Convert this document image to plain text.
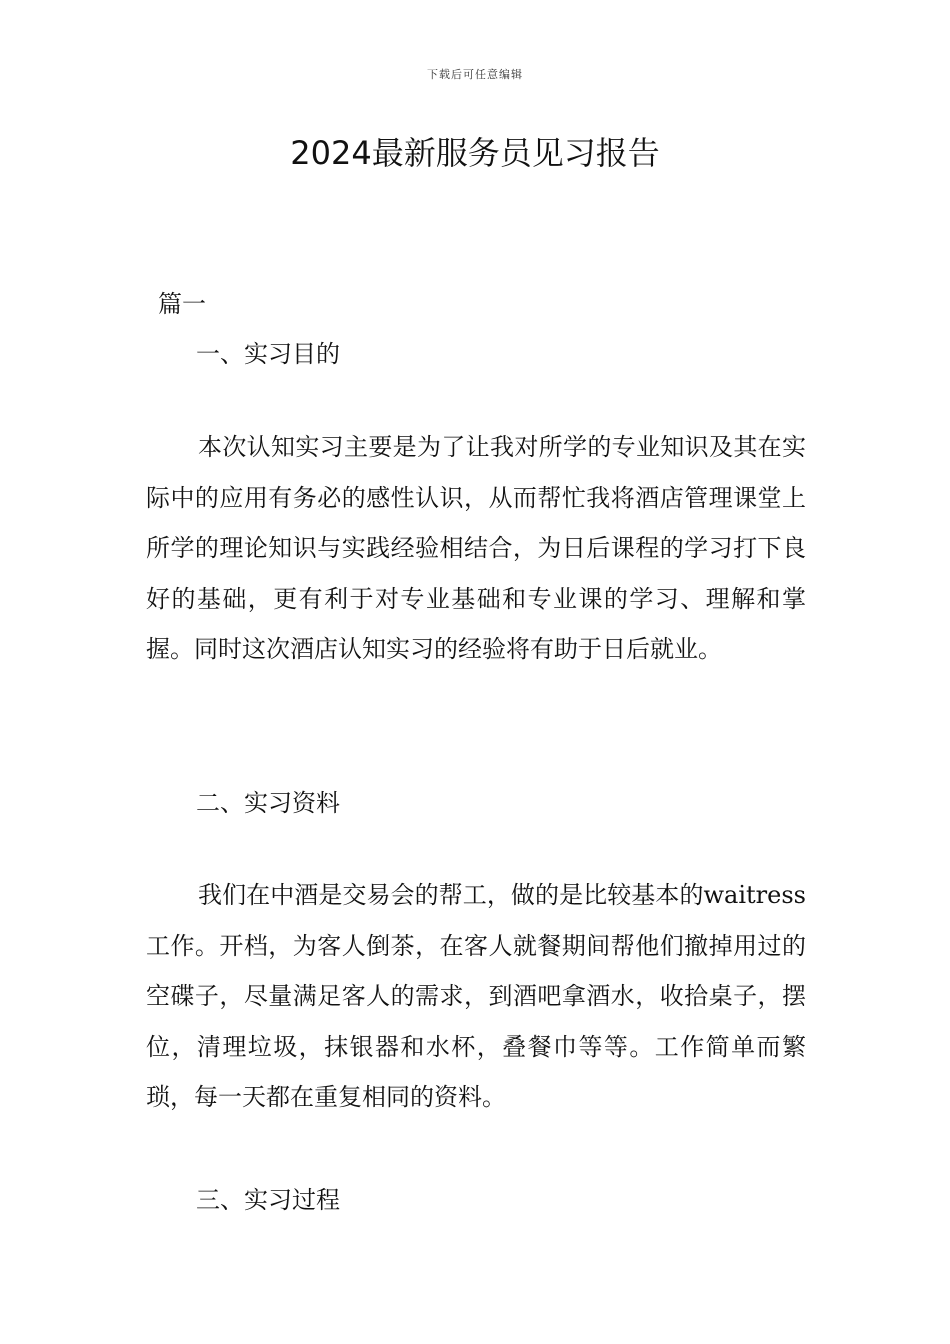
下载后可任意编辑
2024最新服务员见习报告

篇一

一、实习目的

本次认知实习主要是为了让我对所学的专业知识及其在实际中的应用有务必的感性认识，从而帮忙我将酒店管理课堂上所学的理论知识与实践经验相结合，为日后课程的学习打下良好的基础，更有利于对专业基础和专业课的学习、理解和掌握。同时这次酒店认知实习的经验将有助于日后就业。

二、实习资料

我们在中酒是交易会的帮工，做的是比较基本的waitress工作。开档，为客人倒茶，在客人就餐期间帮他们撤掉用过的空碟子，尽量满足客人的需求，到酒吧拿酒水，收拾桌子，摆位，清理垃圾，抹银器和水杯，叠餐巾等等。工作简单而繁琐，每一天都在重复相同的资料。

三、实习过程
